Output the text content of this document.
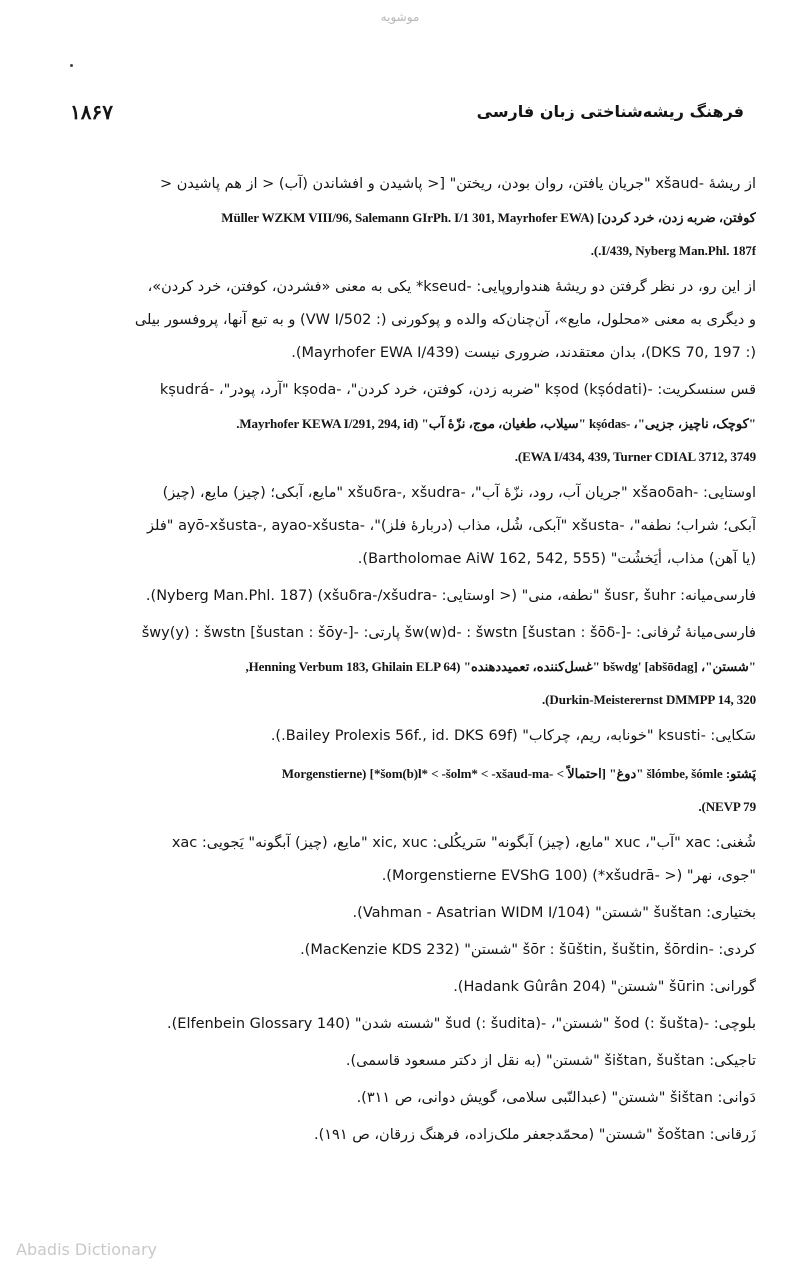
موشویه
۱۸۶۷	فرهنگ ریشه‌شناختی زبان فارسی
از ریشهٔ -xšaud "جریان یافتن، روان بودن، ریختن" [< پاشیدن و افشاندن (آب) < از هم پاشیدن <
کوفتن، ضربه زدن، خرد کردن] (Müller WZKM VIII/96, Salemann GIrPh. I/1 301, Mayrhofer EWA
I/439, Nyberg Man.Phl. 187f.).
از این رو، در نظر گرفتن دو ریشهٔ هندواروپایی: -kseud* یکی به معنی «فشردن، کوفتن، خرد کردن»،
و دیگری به معنی «محلول، مایع»، آن‌چنان‌که والده و پوکورنی (: VW I/502) و به تبع آنها، پروفسور بیلی
(: DKS 70, 197)، بدان معتقدند، ضروری نیست (Mayrhofer EWA I/439).
قس سنسکریت: -kṣod (kṣódati) "ضربه زدن، کوفتن، خرد کردن"، -kṣoda "آرد، پودر"، -kṣudrá
"کوچک، ناچیز، جزیی"، -kṣódas "سیلاب، طغیان، موج، نزّهٔ آب" (Mayrhofer KEWA I/291, 294, id.
EWA I/434, 439, Turner CDIAL 3712, 3749).
اوستایی: -xšaoδah "جریان آب، رود، نزّهٔ آب"، -xšuδra-, xšudra "مایع، آبکی؛ (چیز) مایع، (چیز)
آبکی؛ شراب؛ نطفه"، -xšusta "آبکی، شُل، مذاب (دربارهٔ فلز)"، -ayō-xšusta-, ayao-xšusta "فلز
(یا آهن) مذاب، أيَخشُت" (Bartholomae AiW 162, 542, 555).
فارسی‌میانه: šusr, šuhr "نطفه، منی" (< اوستایی: -xšuδra-/xšudra) (Nyberg Man.Phl. 187).
فارسی‌میانهٔ تُرفانی: -šw(w)d- : šwstn [šustan : šōδ-] پارتی: -šwy(y) : šwstn [šustan : šōy-]
"شستن"، bšwdg' [abšōdag] "غسل‌کننده، تعمیددهنده" (Henning Verbum 183, Ghilain ELP 64,
Durkin-Meisterernst DMMPP 14, 320).
سَکایی: -ksusti "خونابه، ریم، چرکاب" (Bailey Prolexis 56f., id. DKS 69f.).
پَشتو: šlómbe, šómle "دوغ" [احتمالاً > -šom(b)l* < -šolm* < -xšaud-ma*] (Morgenstierne
NEVP 79).
شُغنی: xac "آب"، xuc "مایع، (چیز) آبگونه" سَریکُلی: xic, xuc "مایع، (چیز) آبگونه" یَجویی: xac
"جوی، نهر" (< -xšudrā*) (Morgenstierne EVShG 100).
بختیاری: šuštan "شستن" (Vahman - Asatrian WIDM I/104).
کردی: -šōr : šūštin, šuštin, šōrdin "شستن" (MacKenzie KDS 232).
گورانی: šūrin "شستن" (Hadank Gûrân 204).
بلوچی: -šod (: šušta) "شستن"، -šud (: šudita) "شسته شدن" (Elfenbein Glossary 140).
تاجیکی: šištan, šuštan "شستن" (به نقل از دکتر مسعود قاسمی).
دَوانی: šištan "شستن" (عبدالنّبی سلامی، گویش دوانی، ص ۳۱۱).
زَرقانی: šoštan "شستن" (محمّدجعفر ملک‌زاده، فرهنگ زرقان، ص ۱۹۱).
Abadis Dictionary
